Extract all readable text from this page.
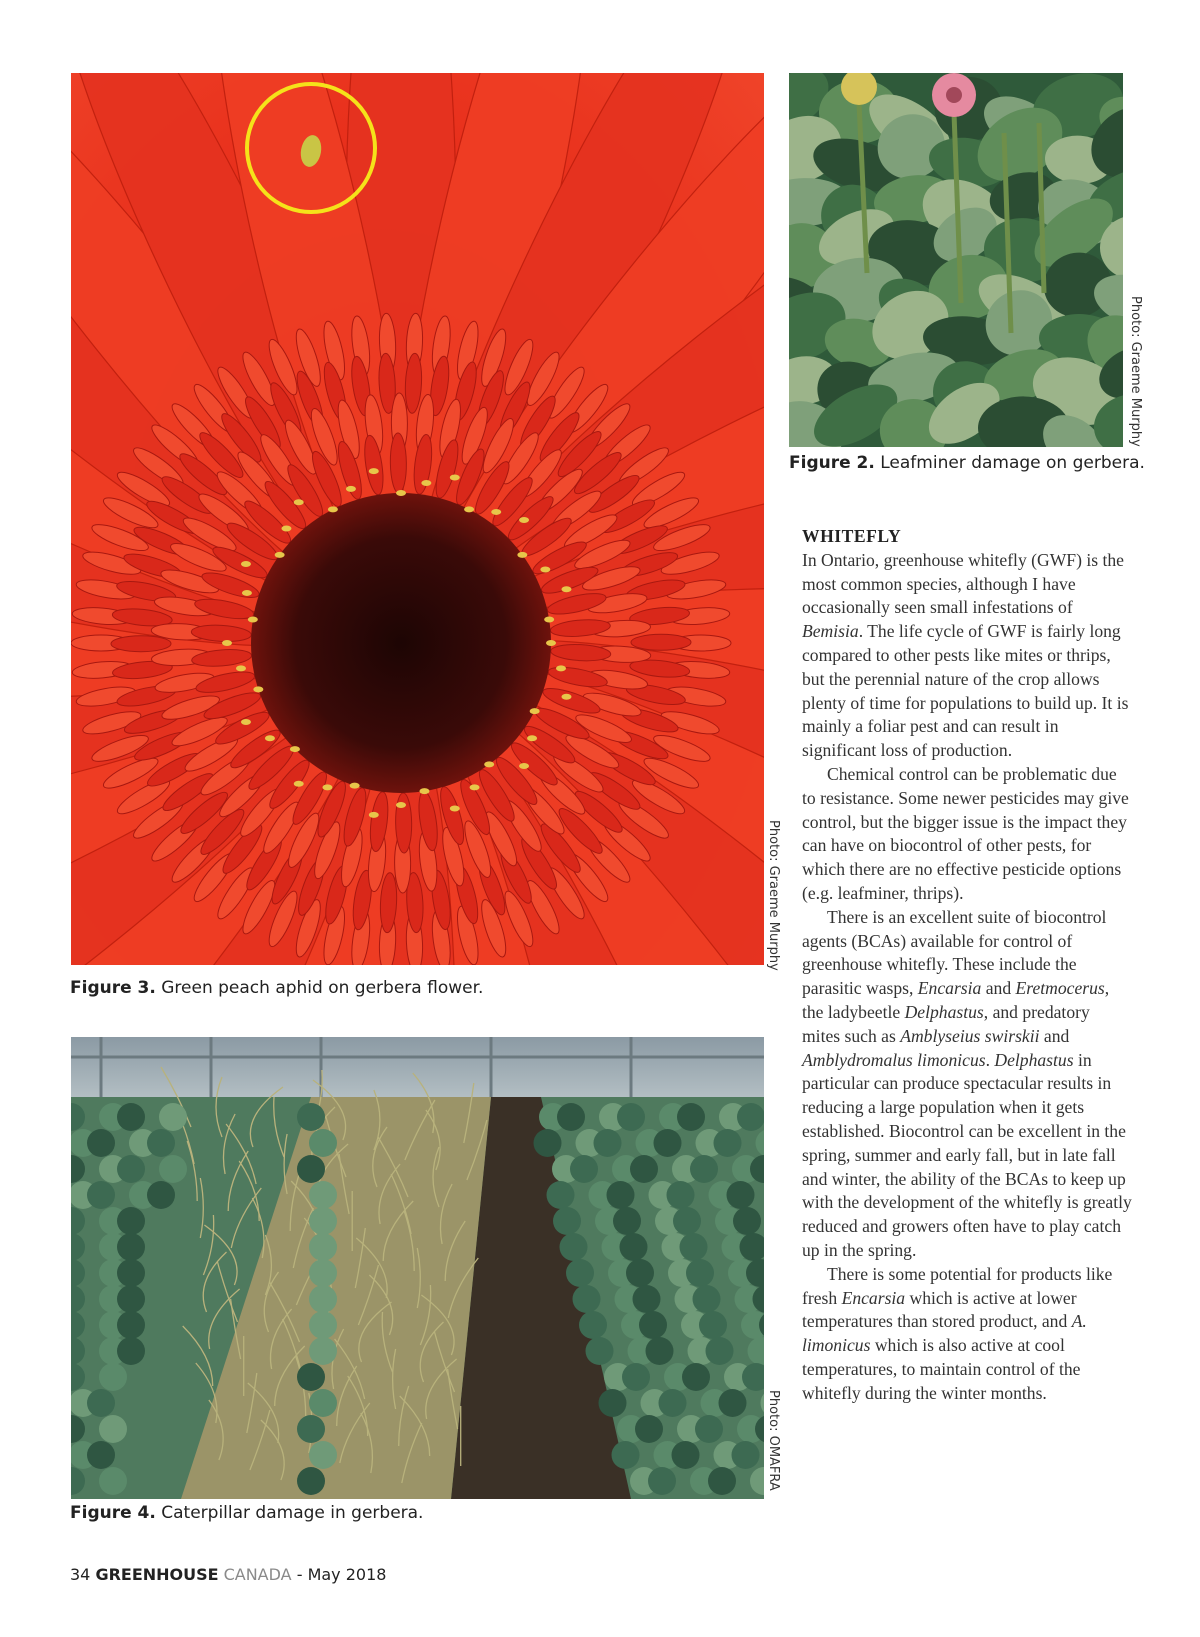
Photo: Graeme Murphy
Figure 3. Green peach aphid on gerbera flower.
Photo: Graeme Murphy
Figure 2. Leafminer damage on gerbera.
Photo: OMAFRA
Figure 4. Caterpillar damage in gerbera.
WHITEFLY

In Ontario, greenhouse whitefly (GWF) is the most common species, although I have occasionally seen small infestations of Bemisia. The life cycle of GWF is fairly long compared to other pests like mites or thrips, but the perennial nature of the crop allows plenty of time for populations to build up. It is mainly a foliar pest and can result in significant loss of production.

Chemical control can be problematic due to resistance. Some newer pesticides may give control, but the bigger issue is the impact they can have on biocontrol of other pests, for which there are no effective pesticide options (e.g. leafminer, thrips).

There is an excellent suite of biocontrol agents (BCAs) available for control of greenhouse whitefly. These include the parasitic wasps, Encarsia and Eretmocerus, the ladybeetle Delphastus, and predatory mites such as Amblyseius swirskii and Amblydromalus limonicus. Delphastus in particular can produce spectacular results in reducing a large population when it gets established. Biocontrol can be excellent in the spring, summer and early fall, but in late fall and winter, the ability of the BCAs to keep up with the development of the whitefly is greatly reduced and growers often have to play catch up in the spring.

There is some potential for products like fresh Encarsia which is active at lower temperatures than stored product, and A. limonicus which is also active at cool temperatures, to maintain control of the whitefly during the winter months.

34 GREENHOUSE CANADA - May 2018
